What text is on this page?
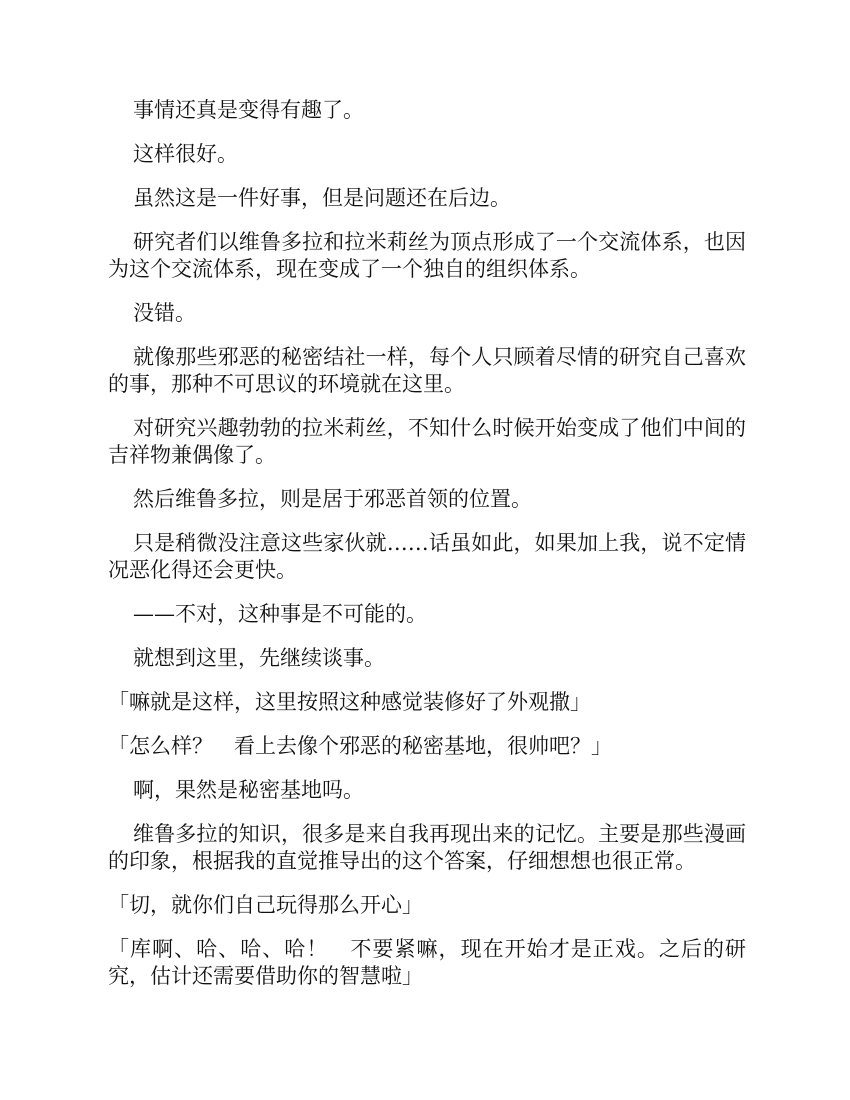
事情还真是变得有趣了。

这样很好。

虽然这是一件好事，但是问题还在后边。

研究者们以维鲁多拉和拉米莉丝为顶点形成了一个交流体系，也因为这个交流体系，现在变成了一个独自的组织体系。

没错。

就像那些邪恶的秘密结社一样，每个人只顾着尽情的研究自己喜欢的事，那种不可思议的环境就在这里。

对研究兴趣勃勃的拉米莉丝，不知什么时候开始变成了他们中间的吉祥物兼偶像了。

然后维鲁多拉，则是居于邪恶首领的位置。

只是稍微没注意这些家伙就……话虽如此，如果加上我，说不定情况恶化得还会更快。

——不对，这种事是不可能的。

就想到这里，先继续谈事。

「嘛就是这样，这里按照这种感觉装修好了外观撒」

「怎么样？　看上去像个邪恶的秘密基地，很帅吧？」

啊，果然是秘密基地吗。

维鲁多拉的知识，很多是来自我再现出来的记忆。主要是那些漫画的印象，根据我的直觉推导出的这个答案，仔细想想也很正常。

「切，就你们自己玩得那么开心」

「库啊、哈、哈、哈！　不要紧嘛，现在开始才是正戏。之后的研究，估计还需要借助你的智慧啦」
